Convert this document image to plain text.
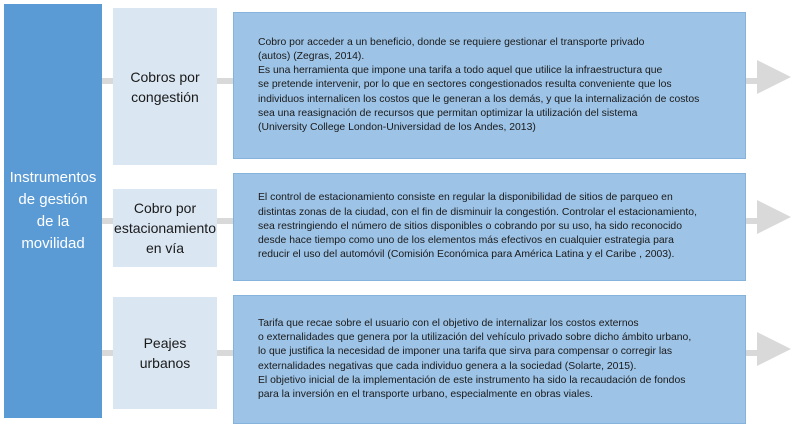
Instrumentos
de gestión
de la
movilidad
Cobros por
congestión
Cobro por acceder a un beneficio, donde se requiere gestionar el transporte privado
(autos) (Zegras, 2014).
Es una herramienta que impone una tarifa a todo aquel que utilice la infraestructura que
se pretende intervenir, por lo que en sectores congestionados resulta conveniente que los
individuos internalicen los costos que le generan a los demás, y que la internalización de costos
sea una reasignación de recursos que permitan optimizar la utilización del sistema
(University College London-Universidad de los Andes, 2013)
Cobro por
estacionamiento
en vía
El control de estacionamiento consiste en regular la disponibilidad de sitios de parqueo en
distintas zonas de la ciudad, con el fin de disminuir la congestión. Controlar el estacionamiento,
sea restringiendo el número de sitios disponibles o cobrando por su uso, ha sido reconocido
desde hace tiempo como uno de los elementos más efectivos en cualquier estrategia para
reducir el uso del automóvil (Comisión Económica para América Latina y el Caribe , 2003).
Peajes
urbanos
Tarifa que recae sobre el usuario con el objetivo de internalizar los costos externos
o externalidades que genera por la utilización del vehículo privado sobre dicho ámbito urbano,
lo que justifica la necesidad de imponer una tarifa que sirva para compensar o corregir las
externalidades negativas que cada individuo genera a la sociedad (Solarte, 2015).
El objetivo inicial de la implementación de este instrumento ha sido la recaudación de fondos
para la inversión en el transporte urbano, especialmente en obras viales.
